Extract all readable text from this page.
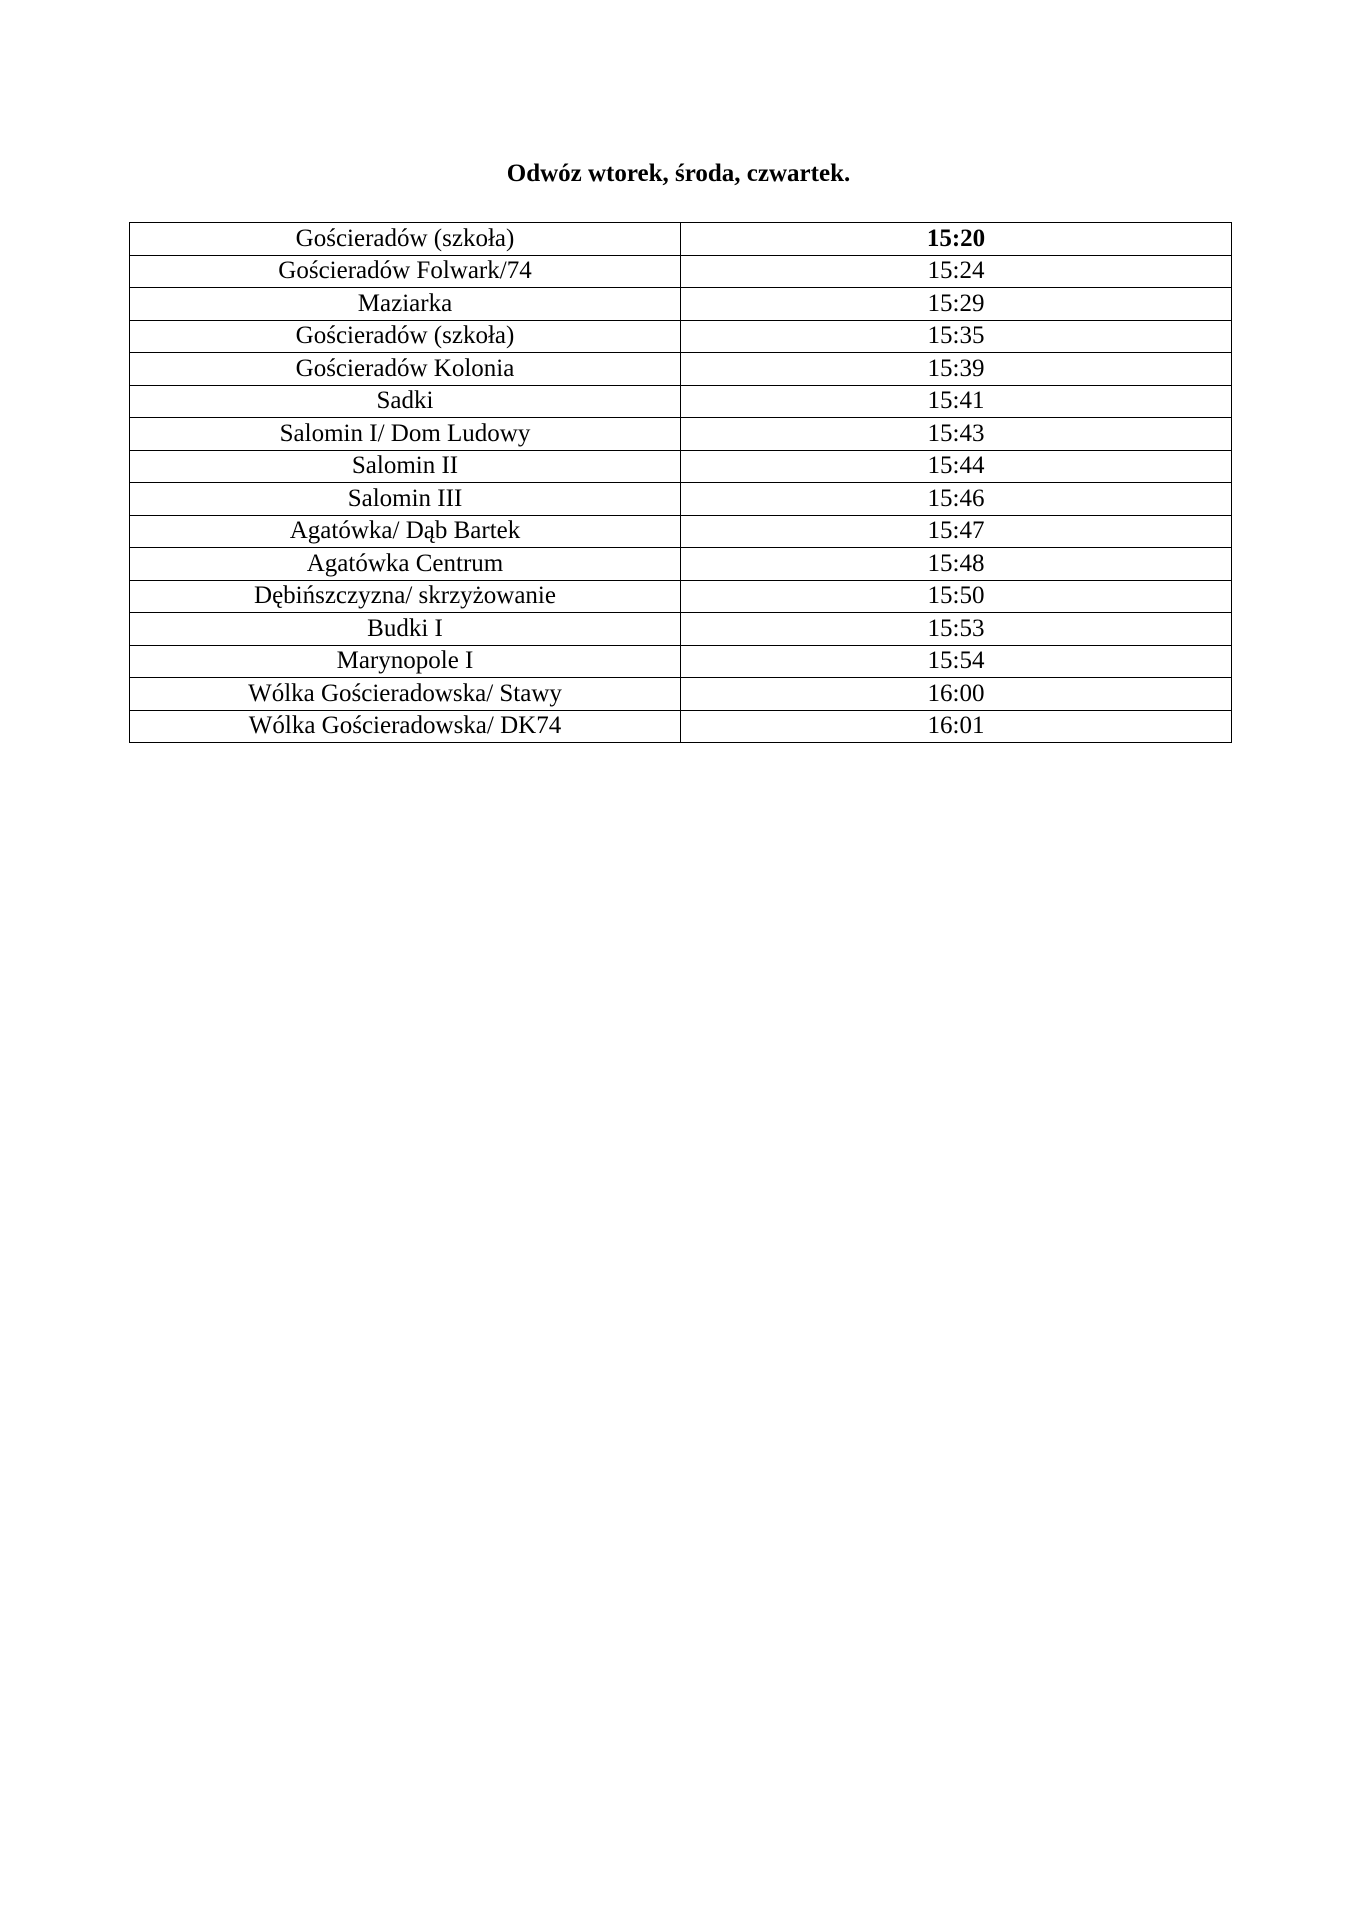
Odwóz wtorek, środa, czwartek.
Gościeradów (szkoła)	15:20
Gościeradów Folwark/74	15:24
Maziarka	15:29
Gościeradów (szkoła)	15:35
Gościeradów Kolonia	15:39
Sadki	15:41
Salomin I/ Dom Ludowy	15:43
Salomin II	15:44
Salomin III	15:46
Agatówka/ Dąb Bartek	15:47
Agatówka Centrum	15:48
Dębińszczyzna/ skrzyżowanie	15:50
Budki I	15:53
Marynopole I	15:54
Wólka Gościeradowska/ Stawy	16:00
Wólka Gościeradowska/ DK74	16:01
